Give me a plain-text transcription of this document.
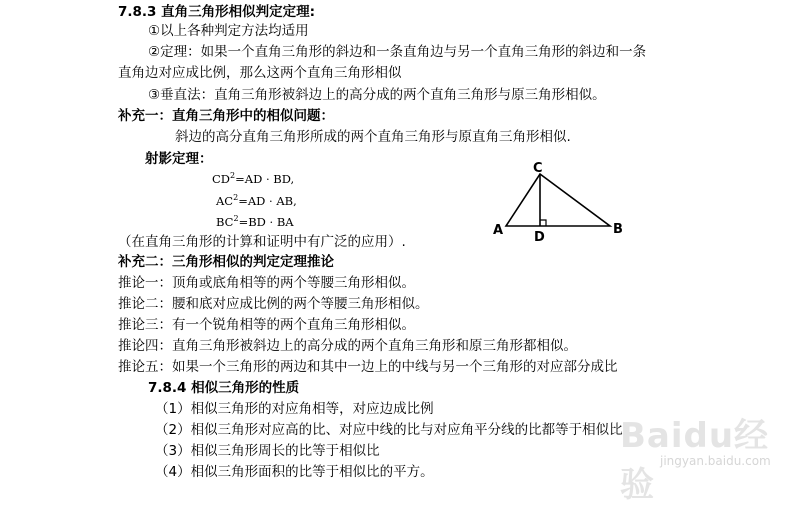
7.8.3 直角三角形相似判定定理:
①以上各种判定方法均适用
②定理：如果一个直角三角形的斜边和一条直角边与另一个直角三角形的斜边和一条
直角边对应成比例，那么这两个直角三角形相似
③垂直法：直角三角形被斜边上的高分成的两个直角三角形与原三角形相似。
补充一：直角三角形中的相似问题：
斜边的高分直角三角形所成的两个直角三角形与原直角三角形相似.
射影定理：
$CD^2=AD$ · BD,
$AC^2=AD$ · AB,
$BC^2=BD$ · BA
（在直角三角形的计算和证明中有广泛的应用）.
C
A D
B
补充二：三角形相似的判定定理推论
推论一：顶角或底角相等的两个等腰三角形相似。
推论二：腰和底对应成比例的两个等腰三角形相似。
推论三：有一个锐角相等的两个直角三角形相似。
推论四：直角三角形被斜边上的高分成的两个直角三角形和原三角形都相似。
推论五：如果一个三角形的两边和其中一边上的中线与另一个三角形的对应部分成比
7.8.4 相似三角形的性质
（1）相似三角形的对应角相等，对应边成比例
（2）相似三角形对应高的比、对应中线的比与对应角平分线的比都等于相似比
（3）相似三角形周长的比等于相似比
（4）相似三角形面积的比等于相似比的平方。
Baidu经验
jingyan.baidu.com
